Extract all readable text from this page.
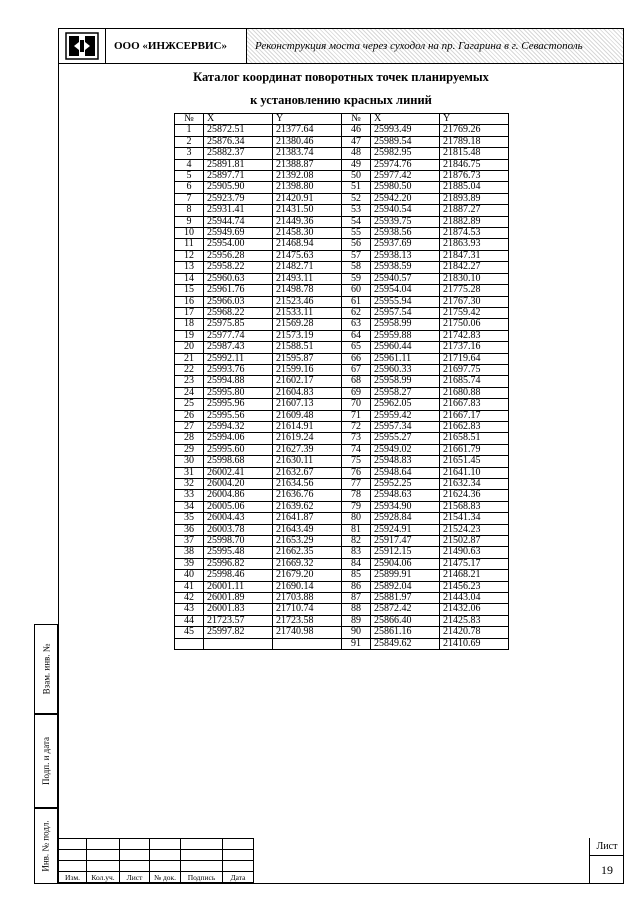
ООО «ИНЖСЕРВИС»	Реконструкция моста через суходол на пр. Гагарина в г. Севастополь
Каталог координат поворотных точек планируемых
к установлению красных линий
№	X	Y	№	X	Y
1	25872.51	21377.64	46	25993.49	21769.26
2	25876.34	21380.46	47	25989.54	21789.18
3	25882.37	21383.74	48	25982.95	21815.48
4	25891.81	21388.87	49	25974.76	21846.75
5	25897.71	21392.08	50	25977.42	21876.73
6	25905.90	21398.80	51	25980.50	21885.04
7	25923.79	21420.91	52	25942.20	21893.89
8	25931.41	21431.50	53	25940.54	21887.27
9	25944.74	21449.36	54	25939.75	21882.89
10	25949.69	21458.30	55	25938.56	21874.53
11	25954.00	21468.94	56	25937.69	21863.93
12	25956.28	21475.63	57	25938.13	21847.31
13	25958.22	21482.71	58	25938.59	21842.27
14	25960.63	21493.11	59	25940.57	21830.10
15	25961.76	21498.78	60	25954.04	21775.28
16	25966.03	21523.46	61	25955.94	21767.30
17	25968.22	21533.11	62	25957.54	21759.42
18	25975.85	21569.28	63	25958.99	21750.06
19	25977.74	21573.19	64	25959.88	21742.83
20	25987.43	21588.51	65	25960.44	21737.16
21	25992.11	21595.87	66	25961.11	21719.64
22	25993.76	21599.16	67	25960.33	21697.75
23	25994.88	21602.17	68	25958.99	21685.74
24	25995.80	21604.83	69	25958.27	21680.88
25	25995.96	21607.13	70	25962.05	21667.83
26	25995.56	21609.48	71	25959.42	21667.17
27	25994.32	21614.91	72	25957.34	21662.83
28	25994.06	21619.24	73	25955.27	21658.51
29	25995.60	21627.39	74	25949.02	21661.79
30	25998.68	21630.11	75	25948.83	21651.45
31	26002.41	21632.67	76	25948.64	21641.10
32	26004.20	21634.56	77	25952.25	21632.34
33	26004.86	21636.76	78	25948.63	21624.36
34	26005.06	21639.62	79	25934.90	21568.83
35	26004.43	21641.87	80	25928.84	21541.34
36	26003.78	21643.49	81	25924.91	21524.23
37	25998.70	21653.29	82	25917.47	21502.87
38	25995.48	21662.35	83	25912.15	21490.63
39	25996.82	21669.32	84	25904.06	21475.17
40	25998.46	21679.20	85	25899.91	21468.21
41	26001.11	21690.14	86	25892.04	21456.23
42	26001.89	21703.88	87	25881.97	21443.04
43	26001.83	21710.74	88	25872.42	21432.06
44	21723.57	21723.58	89	25866.40	21425.83
45	25997.82	21740.98	90	25861.16	21420.78
			91	25849.62	21410.69
Взам. инв. №
Подп. и дата
Инв. № подл.

Изм.	Кол.уч.	Лист	№ док.	Подпись	Дата
Лист
19
